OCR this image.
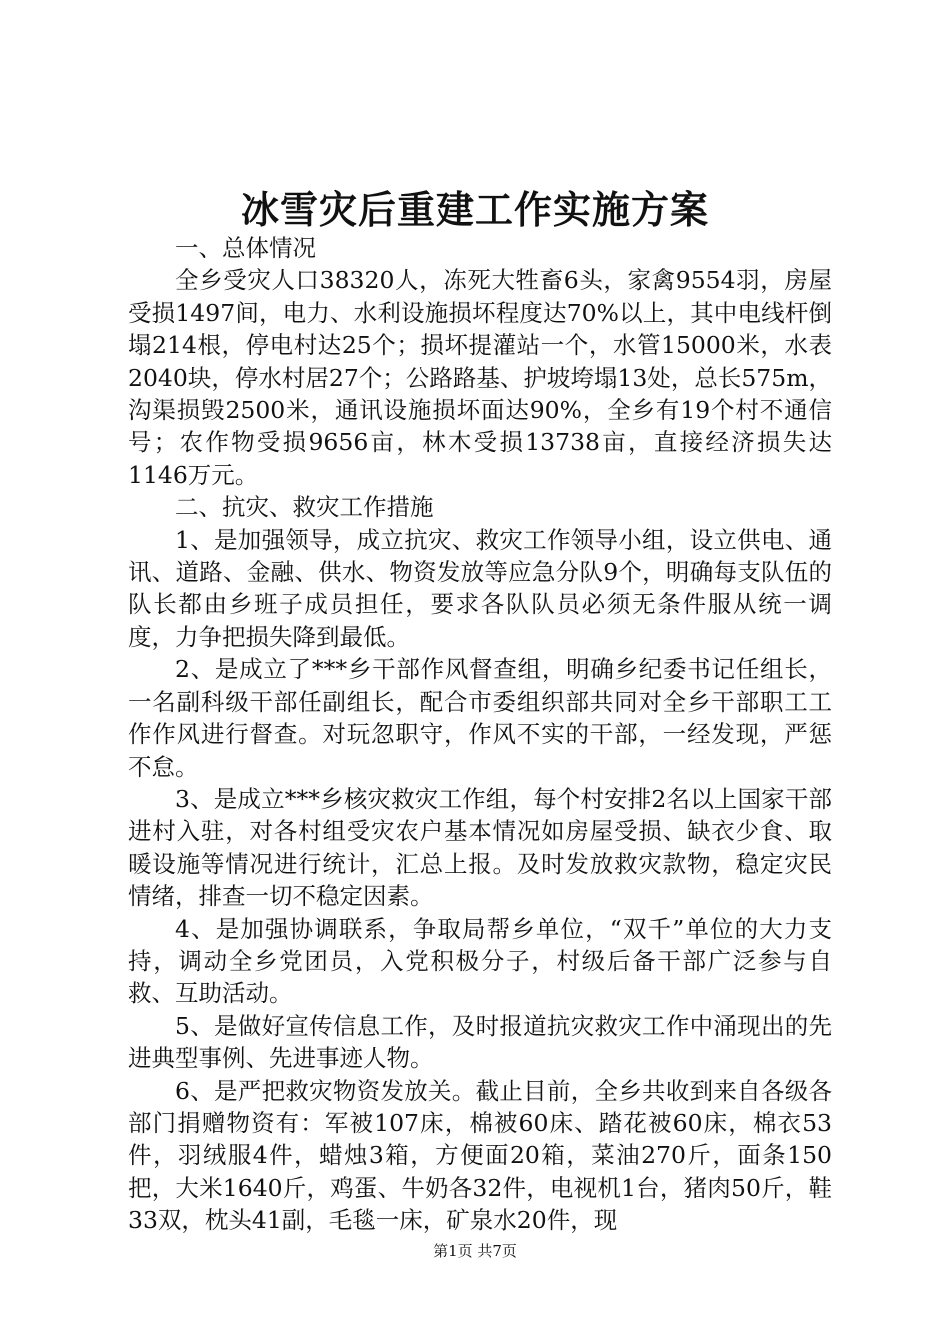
冰雪灾后重建工作实施方案

一、总体情况

全乡受灾人口38320人，冻死大牲畜6头，家禽9554羽，房屋受损1497间，电力、水利设施损坏程度达70%以上，其中电线杆倒塌214根，停电村达25个；损坏提灌站一个，水管15000米，水表2040块，停水村居27个；公路路基、护坡垮塌13处，总长575m，沟渠损毁2500米，通讯设施损坏面达90%，全乡有19个村不通信号；农作物受损9656亩，林木受损13738亩，直接经济损失达1146万元。

二、抗灾、救灾工作措施

1、是加强领导，成立抗灾、救灾工作领导小组，设立供电、通讯、道路、金融、供水、物资发放等应急分队9个，明确每支队伍的队长都由乡班子成员担任，要求各队队员必须无条件服从统一调度，力争把损失降到最低。

2、是成立了***乡干部作风督查组，明确乡纪委书记任组长，一名副科级干部任副组长，配合市委组织部共同对全乡干部职工工作作风进行督查。对玩忽职守，作风不实的干部，一经发现，严惩不怠。

3、是成立***乡核灾救灾工作组，每个村安排2名以上国家干部进村入驻，对各村组受灾农户基本情况如房屋受损、缺衣少食、取暖设施等情况进行统计，汇总上报。及时发放救灾款物，稳定灾民情绪，排查一切不稳定因素。

4、是加强协调联系，争取局帮乡单位，“双千”单位的大力支持，调动全乡党团员，入党积极分子，村级后备干部广泛参与自救、互助活动。

5、是做好宣传信息工作，及时报道抗灾救灾工作中涌现出的先进典型事例、先进事迹人物。

6、是严把救灾物资发放关。截止目前，全乡共收到来自各级各部门捐赠物资有：军被107床，棉被60床、踏花被60床，棉衣53件，羽绒服4件，蜡烛3箱，方便面20箱，菜油270斤，面条150把，大米1640斤，鸡蛋、牛奶各32件，电视机1台，猪肉50斤，鞋33双，枕头41副，毛毯一床，矿泉水20件，现

第1页 共7页
